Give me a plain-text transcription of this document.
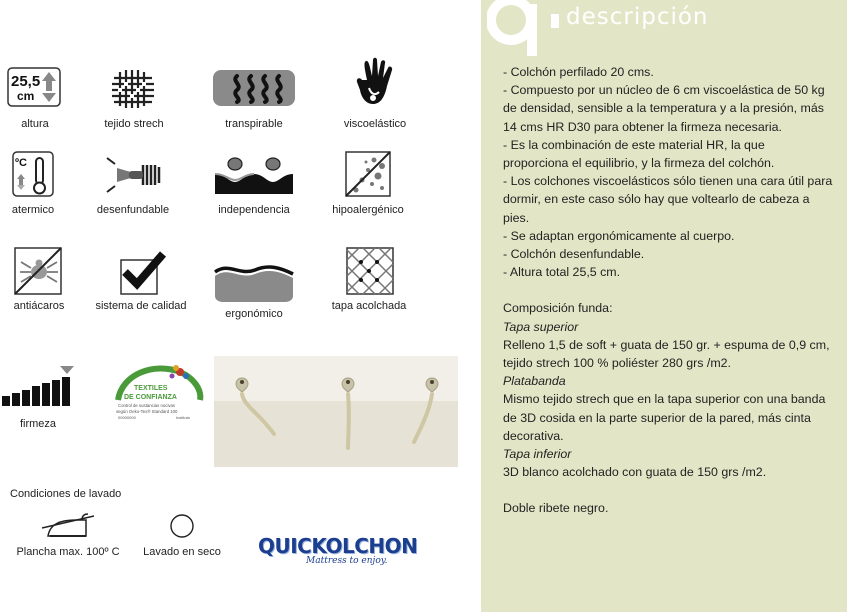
25,5
cm
altura	tejido strech	transpirable	viscoelástico
ºC
atermico	desenfundable	independencia	hipoalergénico
antiácaros	sistema de calidad
ergonómico
tapa acolchada
firmeza
TEXTILES
DE CONFIANZA
Control de sustancias nocivas
según Oeko-Tex® Standard 100
00000000	Instituto
Condiciones de lavado
Plancha max. 100º C	Lavado en seco	QUICKOLCHON
Mattress to enjoy.
descripción

- Colchón perfilado 20 cms.

- Compuesto por un núcleo de 6 cm viscoelástica de 50 kg de densidad, sensible a la temperatura y a la presión, más 14 cms HR D30 para obtener la firmeza necesaria.

- Es la combinación de este material HR, la que proporciona el equilibrio, y la firmeza del colchón.

- Los colchones viscoelásticos sólo tienen una cara útil para dormir, en este caso sólo hay que voltearlo de cabeza a pies.

- Se adaptan ergonómicamente al cuerpo.

- Colchón desenfundable.

- Altura total 25,5 cm.

Composición funda:

Tapa superior

Relleno 1,5 de soft + guata de 150 gr. + espuma de 0,9 cm, tejido strech 100 % poliéster 280 grs /m2.

Platabanda

Mismo tejido strech que en la tapa superior con una banda de 3D cosida en la parte superior de la pared, más cinta decorativa.

Tapa inferior

3D blanco acolchado con guata de 150 grs /m2.

Doble ribete negro.
